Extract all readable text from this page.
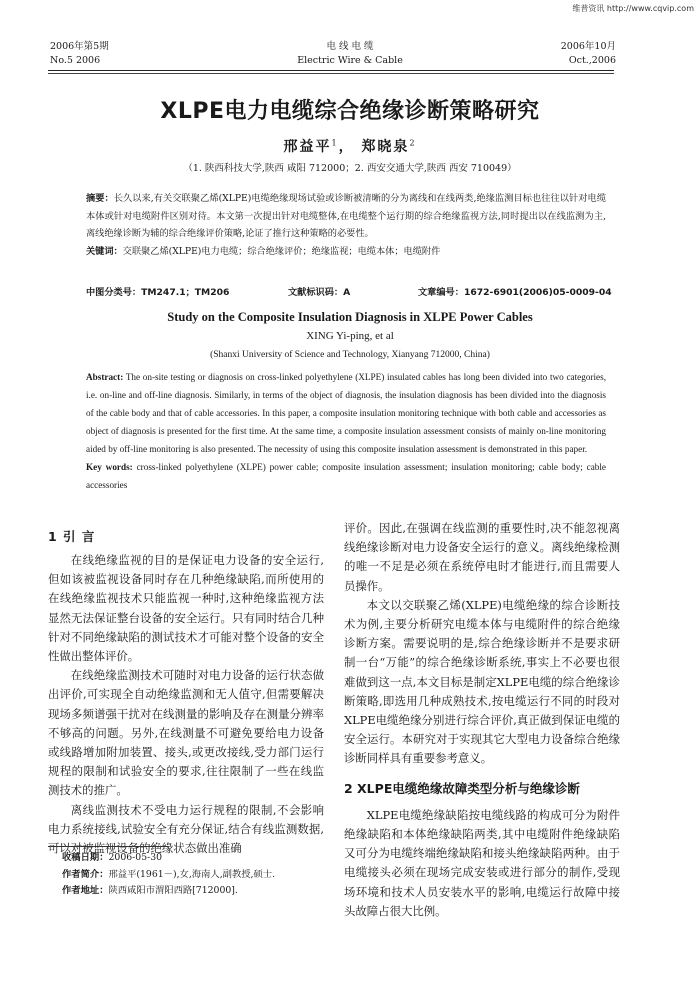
维普资讯 http://www.cqvip.com
2006年第5期
No.5 2006
电 线 电 缆
Electric Wire & Cable
2006年10月
Oct.,2006
XLPE电力电缆综合绝缘诊断策略研究
邢益平$^1$， 郑晓泉$^2$
（1. 陕西科技大学,陕西 咸阳 712000；2. 西安交通大学,陕西 西安 710049）
摘要：长久以来,有关交联聚乙烯(XLPE)电缆绝缘现场试验或诊断被清晰的分为离线和在线两类,绝缘监测目标也往往以针对电缆本体或针对电缆附件区别对待。本文第一次提出针对电缆整体,在电缆整个运行期的综合绝缘监视方法,同时提出以在线监测为主,离线绝缘诊断为辅的综合绝缘评价策略,论证了推行这种策略的必要性。
关键词：交联聚乙烯(XLPE)电力电缆；综合绝缘评价；绝缘监视；电缆本体；电缆附件
中图分类号：TM247.1；TM206	文献标识码：A	文章编号：1672-6901(2006)05-0009-04
Study on the Composite Insulation Diagnosis in XLPE Power Cables
XING Yi-ping, et al
(Shanxi University of Science and Technology, Xianyang 712000, China)
Abstract: The on-site testing or diagnosis on cross-linked polyethylene (XLPE) insulated cables has long been divided into two categories, i.e. on-line and off-line diagnosis. Similarly, in terms of the object of diagnosis, the insulation diagnosis has been divided into the diagnosis of the cable body and that of cable accessories. In this paper, a composite insulation monitoring technique with both cable and accessories as object of diagnosis is presented for the first time. At the same time, a composite insulation assessment consists of mainly on-line monitoring aided by off-line monitoring is also presented. The necessity of using this composite insulation assessment is demonstrated in this paper.
Key words: cross-linked polyethylene (XLPE) power cable; composite insulation assessment; insulation monitoring; cable body; cable accessories
1 引 言

在线绝缘监视的目的是保证电力设备的安全运行,但如该被监视设备同时存在几种绝缘缺陷,而所使用的在线绝缘监视技术只能监视一种时,这种绝缘监视方法显然无法保证整台设备的安全运行。只有同时结合几种针对不同绝缘缺陷的测试技术才可能对整个设备的安全性做出整体评价。

在线绝缘监测技术可随时对电力设备的运行状态做出评价,可实现全自动绝缘监测和无人值守,但需要解决现场多频谱强干扰对在线测量的影响及存在测量分辨率不够高的问题。另外,在线测量不可避免要给电力设备或线路增加附加装置、接头,或更改接线,受力部门运行规程的限制和试验安全的要求,往往限制了一些在线监测技术的推广。

离线监测技术不受电力运行规程的限制,不会影响电力系统接线,试验安全有充分保证,结合有线监测数据,可以对被监视设备的绝缘状态做出准确

评价。因此,在强调在线监测的重要性时,决不能忽视离线绝缘诊断对电力设备安全运行的意义。离线绝缘检测的唯一不足是必须在系统停电时才能进行,而且需要人员操作。

本文以交联聚乙烯(XLPE)电缆绝缘的综合诊断技术为例,主要分析研究电缆本体与电缆附件的综合绝缘诊断方案。需要说明的是,综合绝缘诊断并不是要求研制一台“万能”的综合绝缘诊断系统,事实上不必要也很难做到这一点,本文目标是制定XLPE电缆的综合绝缘诊断策略,即选用几种成熟技术,按电缆运行不同的时段对XLPE电缆绝缘分别进行综合评价,真正做到保证电缆的安全运行。本研究对于实现其它大型电力设备综合绝缘诊断同样具有重要参考意义。

2 XLPE电缆绝缘故障类型分析与绝缘诊断

XLPE电缆绝缘缺陷按电缆线路的构成可分为附件绝缘缺陷和本体绝缘缺陷两类,其中电缆附件绝缘缺陷又可分为电缆终端绝缘缺陷和接头绝缘缺陷两种。由于电缆接头必须在现场完成安装或进行部分的制作,受现场环境和技术人员安装水平的影响,电缆运行故障中接头故障占很大比例。

收稿日期：2006-05-30
作者简介：邢益平(1961－),女,海南人,副教授,硕士.
作者地址：陕西咸阳市渭阳西路[712000].
